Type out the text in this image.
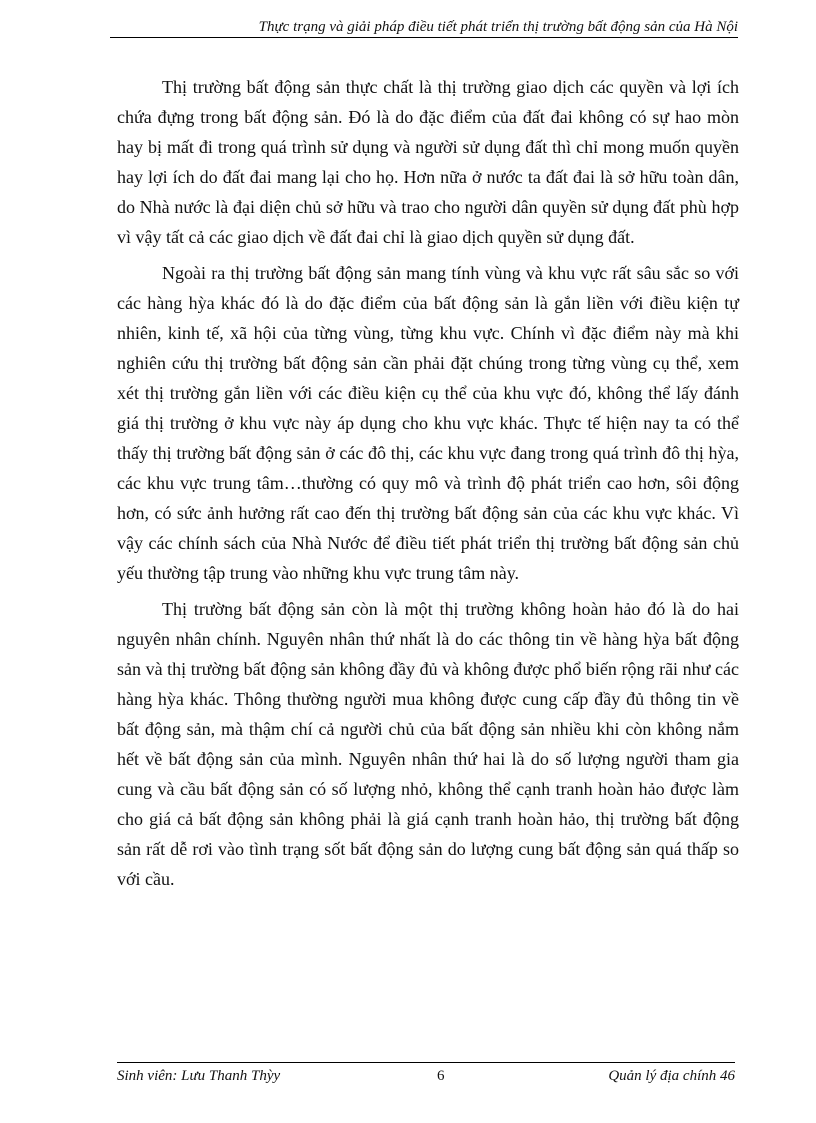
Thực trạng và giải pháp điều tiết phát triển thị trường bất động sản của Hà Nội

Thị trường bất động sản thực chất là thị trường giao dịch các quyền và lợi ích chứa đựng trong bất động sản. Đó là do đặc điểm của đất đai không có sự hao mòn hay bị mất đi trong quá trình sử dụng và người sử dụng đất thì chỉ mong muốn quyền hay lợi ích do đất đai mang lại cho họ. Hơn nữa ở nước ta đất đai là sở hữu toàn dân, do Nhà nước là đại diện chủ sở hữu và trao cho người dân quyền sử dụng đất phù hợp vì vậy tất cả các giao dịch về đất đai chỉ là giao dịch quyền sử dụng đất.

Ngoài ra thị trường bất động sản mang tính vùng và khu vực rất sâu sắc so với các hàng hỳa khác đó là do đặc điểm của bất động sản là gắn liền với điều kiện tự nhiên, kinh tế, xã hội của từng vùng, từng khu vực. Chính vì đặc điểm này mà khi nghiên cứu thị trường bất động sản cần phải đặt chúng trong từng vùng cụ thể, xem xét thị trường gắn liền với các điều kiện cụ thể của khu vực đó, không thể lấy đánh giá thị trường ở khu vực này áp dụng cho khu vực khác. Thực tế hiện nay ta có thể thấy thị trường bất động sản ở các đô thị, các khu vực đang trong quá trình đô thị hỳa, các khu vực trung tâm…thường có quy mô và trình độ phát triển cao hơn, sôi động hơn, có sức ảnh hưởng rất cao đến thị trường bất động sản của các khu vực khác. Vì vậy các chính sách của Nhà Nước để điều tiết phát triển thị trường bất động sản chủ yếu thường tập trung vào những khu vực trung tâm này.

Thị trường bất động sản còn là một thị trường không hoàn hảo đó là do hai nguyên nhân chính. Nguyên nhân thứ nhất là do các thông tin về hàng hỳa bất động sản và thị trường bất động sản không đầy đủ và không được phổ biến rộng rãi như các hàng hỳa khác. Thông thường người mua không được cung cấp đầy đủ thông tin về bất động sản, mà thậm chí cả người chủ của bất động sản nhiều khi còn không nắm hết về bất động sản của mình. Nguyên nhân thứ hai là do số lượng người tham gia cung và cầu bất động sản có số lượng nhỏ, không thể cạnh tranh hoàn hảo được làm cho giá cả bất động sản không phải là giá cạnh tranh hoàn hảo, thị trường bất động sản rất dễ rơi vào tình trạng sốt bất động sản do lượng cung bất động sản quá thấp so với cầu.

Sinh viên: Lưu Thanh Thỳy	6	Quản lý địa chính 46
